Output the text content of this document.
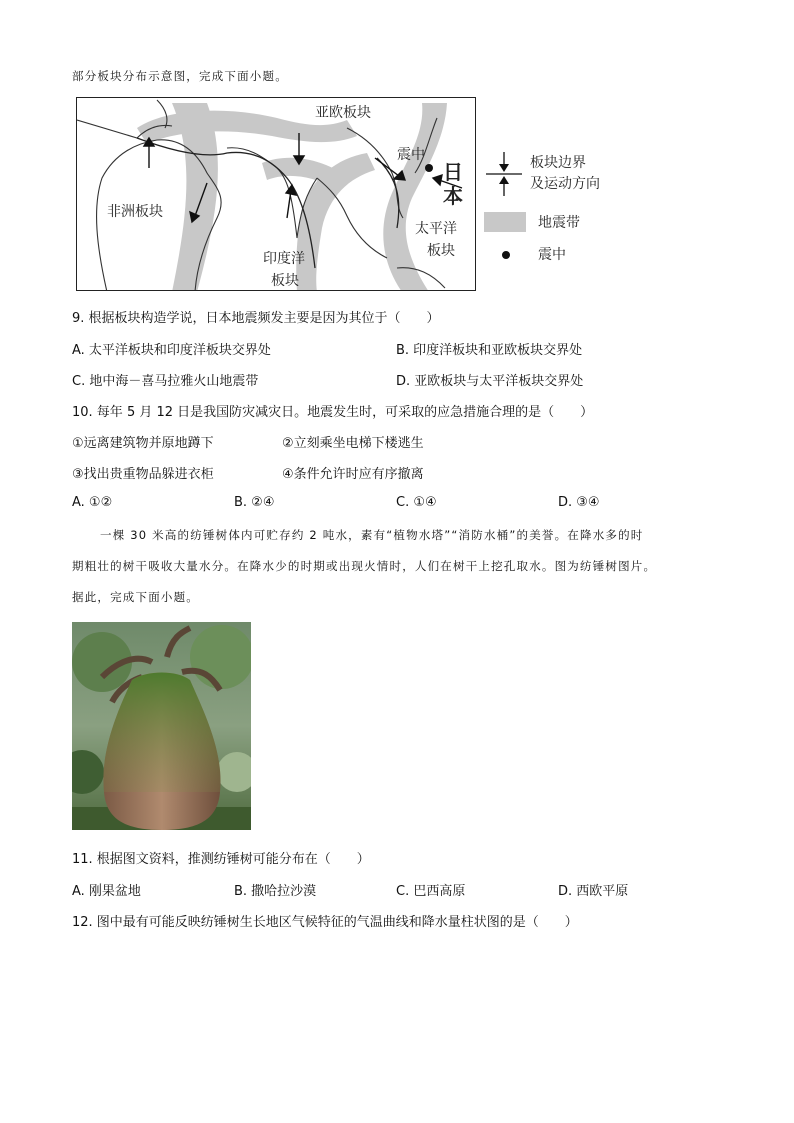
部分板块分布示意图，完成下面小题。
亚欧板块
非洲板块
印度洋
板块
太平洋
板块
震中
日
本
板块边界
及运动方向
地震带
震中
9. 根据板块构造学说，日本地震频发主要是因为其位于（　　）
A. 太平洋板块和印度洋板块交界处	B. 印度洋板块和亚欧板块交界处
C. 地中海－喜马拉雅火山地震带	D. 亚欧板块与太平洋板块交界处
10. 每年 5 月 12 日是我国防灾减灾日。地震发生时，可采取的应急措施合理的是（　　）
①远离建筑物并原地蹲下	②立刻乘坐电梯下楼逃生
③找出贵重物品躲进衣柜	④条件允许时应有序撤离
A. ①②	B. ②④	C. ①④	D. ③④
一棵 30 米高的纺锤树体内可贮存约 2 吨水，素有“植物水塔”“消防水桶”的美誉。在降水多的时
期粗壮的树干吸收大量水分。在降水少的时期或出现火情时，人们在树干上挖孔取水。图为纺锤树图片。
据此，完成下面小题。
11. 根据图文资料，推测纺锤树可能分布在（　　）
A. 刚果盆地	B. 撒哈拉沙漠	C. 巴西高原	D. 西欧平原
12. 图中最有可能反映纺锤树生长地区气候特征的气温曲线和降水量柱状图的是（　　）
